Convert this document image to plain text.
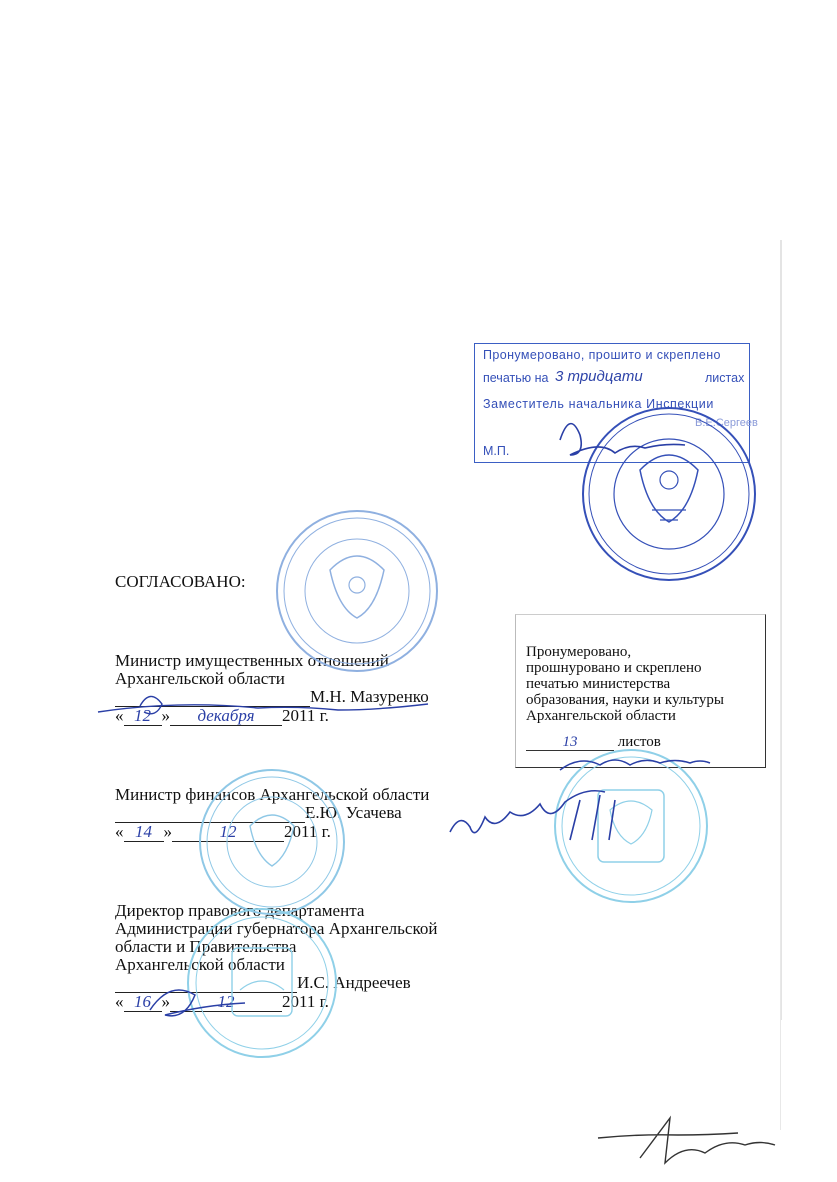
Пронумеровано, прошито и скреплено
печатью на	листах
3 тридцати
Заместитель начальника Инспекции
В.Е.Сергеев
М.П.
Пронумеровано,
прошнуровано и скреплено
печатью министерства
образования, науки и культуры
Архангельской области
13	листов
СОГЛАСОВАНО:
Министр имущественных отношений
Архангельской области
М.Н. Мазуренко
« 12 » декабря 2011 г.
Министр финансов Архангельской области
Е.Ю. Усачева
« 14 »	12	2011 г.
Директор правового департамента
Администрации губернатора Архангельской
области и Правительства
Архангельской области
И.С. Андреечев
« 16 »	12	2011 г.
